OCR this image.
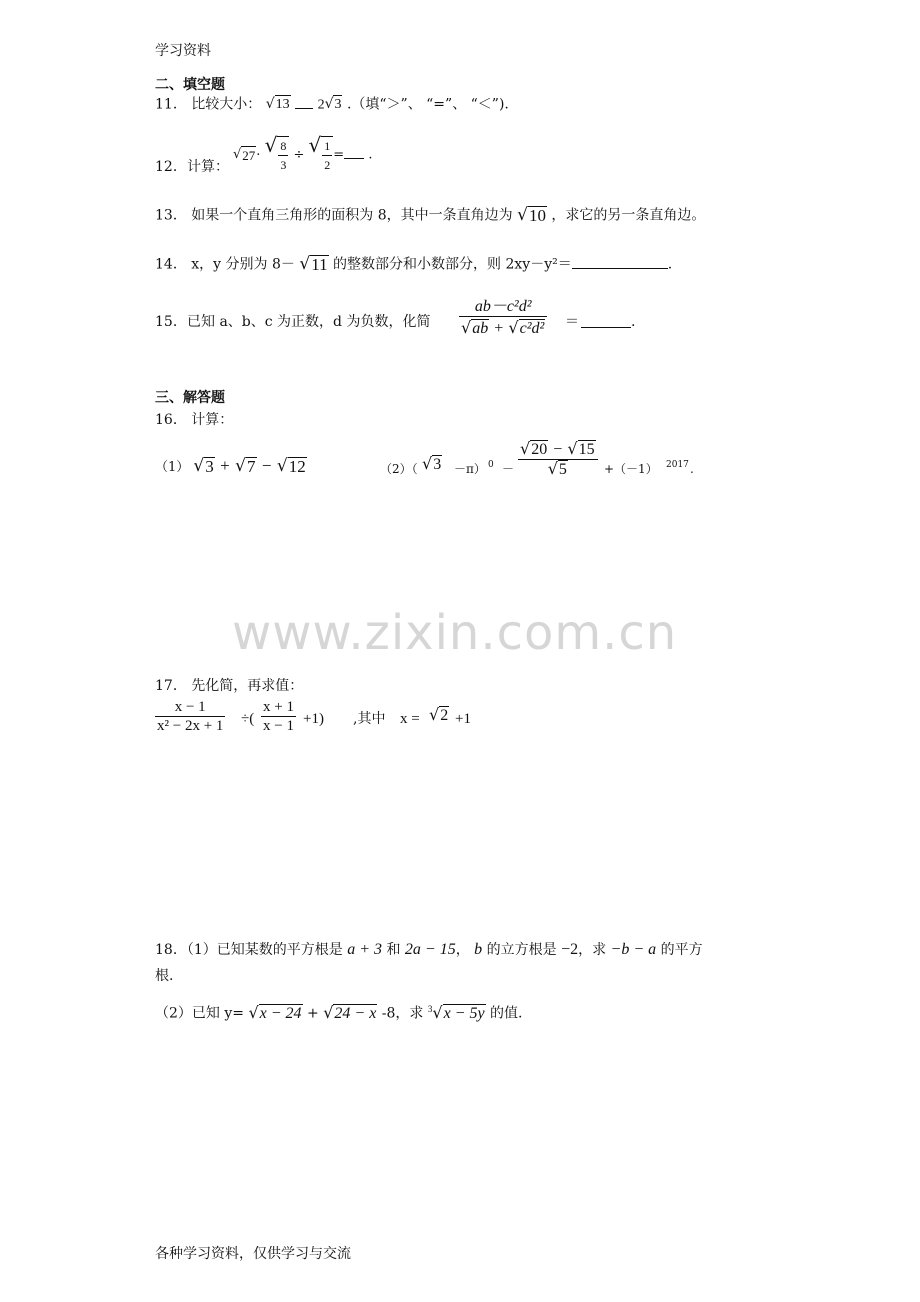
学习资料
二、填空题
11． 比较大小： √ 13 2 √ 3 .（填“＞”、 “=”、 “＜”).
12． 计算：
√ 27 · √ $\frac{8}{3}$ ÷ √ $\frac{1}{2}$ = .
13． 如果一个直角三角形的面积为 8，其中一条直角边为 √ 10 ，求它的另一条直角边。
14． x，y 分别为 8－ √ 11 的整数部分和小数部分，则 2xy－y²＝	.
15． 已知 a、b、c 为正数，d 为负数，化简 $\frac{\text{ab－c²d²}}{\text{√ ab + √ c²d²}}$ ＝	.
三、解答题
16． 计算：
（1） √ 3 + √ 7 − √ 12	（2）（ √ 3 －π） $0 - \frac{√ 20 - √ 15}{√ 5} +(-1)$ 2017 .
www.zixin.com.cn
17． 先化简，再求值：
$\frac{x - 1}{\text{x² − 2x + 1}}$ ÷( $\frac{x + 1}{x - 1} +1$) ,其中 x = √ 2 +1
18．（1）已知某数的平方根是 a + 3 和 2a − 15， b 的立方根是 −2，求 −b − a 的平方
根.
（2）已知 y= √ x − 24 + √ 24 − x -8，求 $^3$ √ x − 5y 的值.
各种学习资料，仅供学习与交流
